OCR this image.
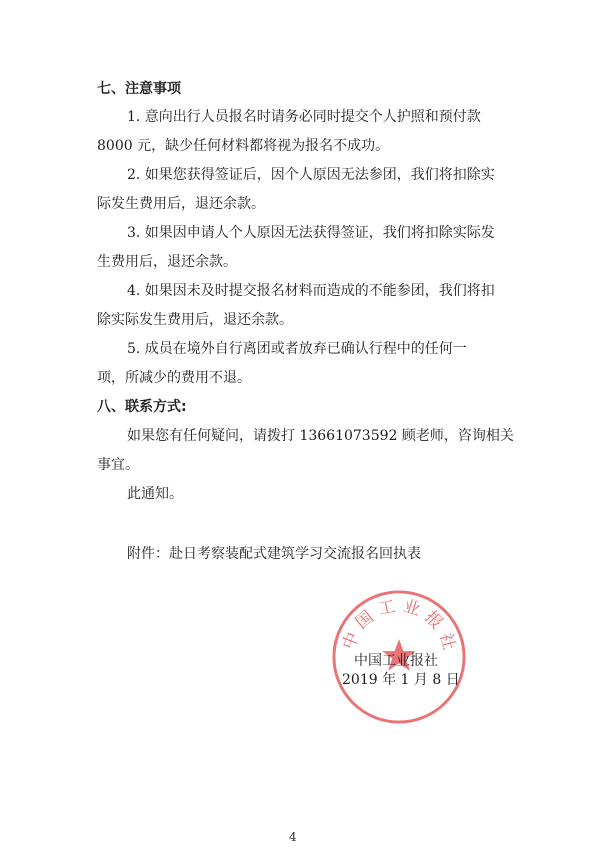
七、注意事项
1. 意向出行人员报名时请务必同时提交个人护照和预付款
8000 元，缺少任何材料都将视为报名不成功。
2. 如果您获得签证后，因个人原因无法参团，我们将扣除实
际发生费用后，退还余款。
3. 如果因申请人个人原因无法获得签证，我们将扣除实际发
生费用后，退还余款。
4. 如果因未及时提交报名材料而造成的不能参团，我们将扣
除实际发生费用后，退还余款。
5. 成员在境外自行离团或者放弃已确认行程中的任何一
项，所减少的费用不退。
八、联系方式:
如果您有任何疑问，请拨打 13661073592 顾老师，咨询相关
事宜。
此通知。
附件：赴日考察装配式建筑学习交流报名回执表
中国工业报社
中国工业报社
2019 年 1 月 8 日
4
